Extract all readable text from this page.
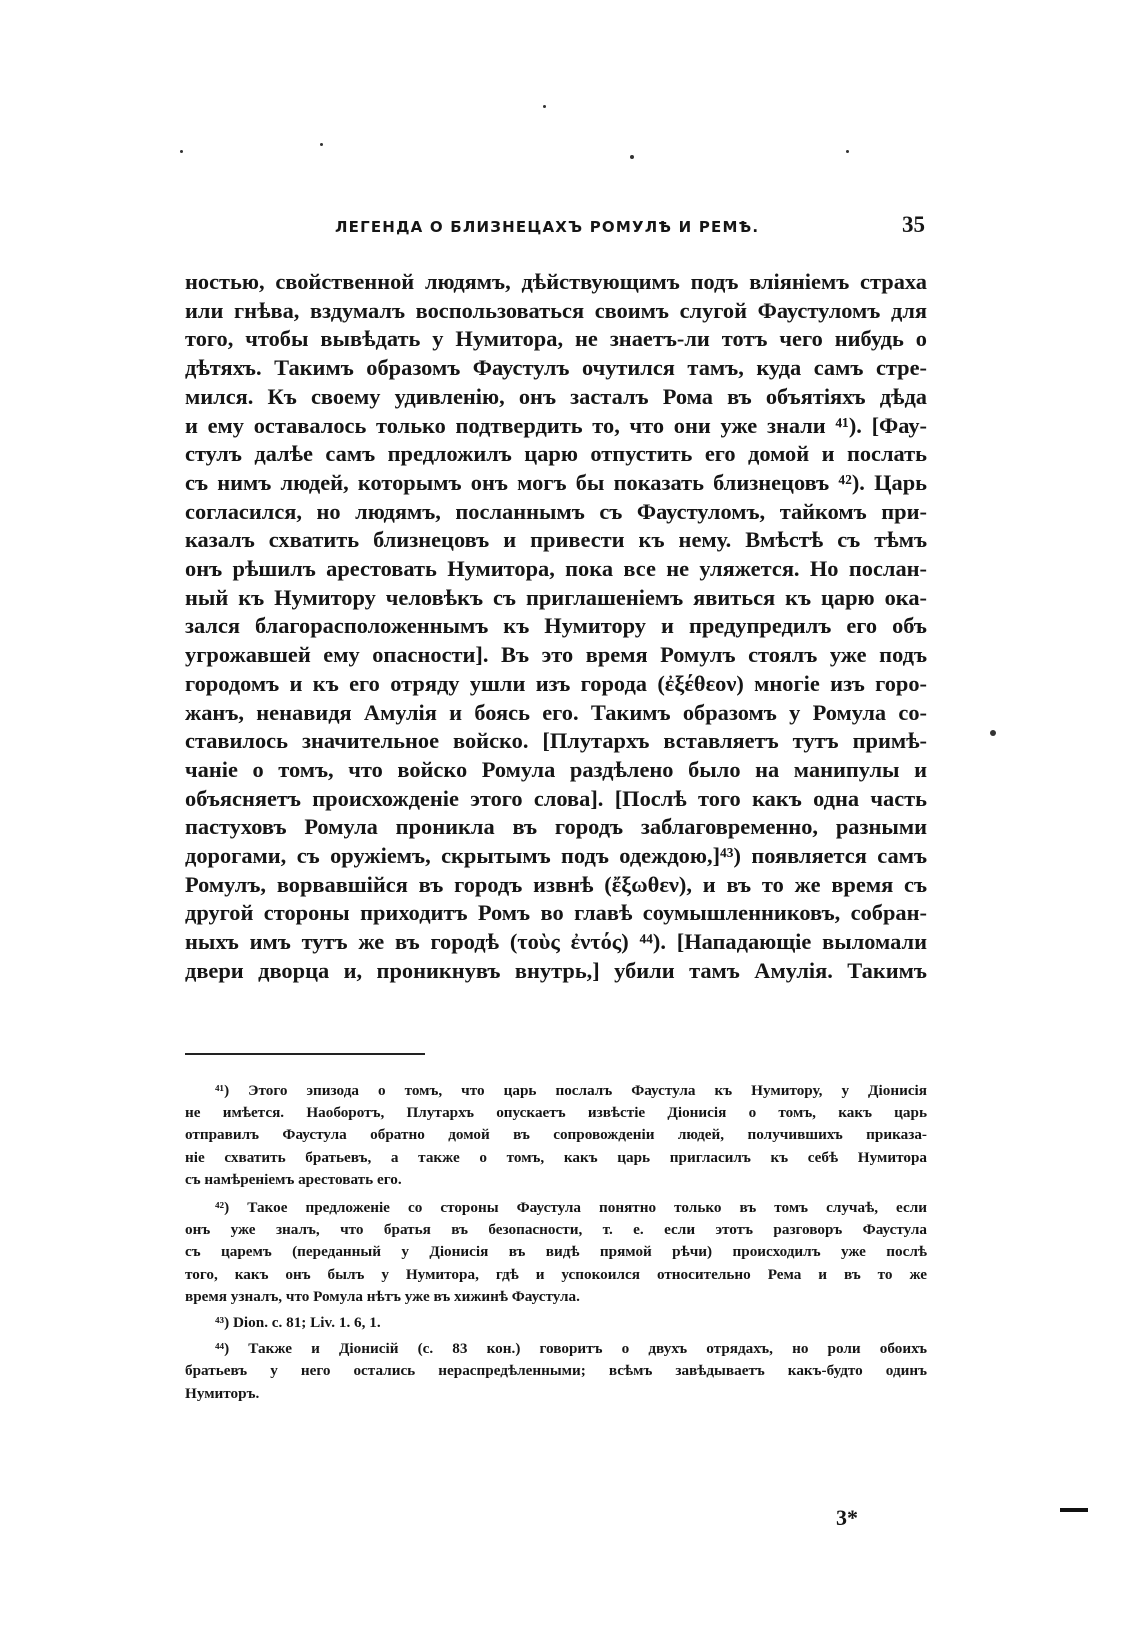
ЛЕГЕНДА О БЛИЗНЕЦАХЪ РОМУЛѢ И РЕМѢ.	35
ностью, свойственной людямъ, дѣйствующимъ подъ вліяніемъ страха
или гнѣва, вздумалъ воспользоваться своимъ слугой Фаустуломъ для
того, чтобы вывѣдать у Нумитора, не знаетъ-ли тотъ чего нибудь о
дѣтяхъ. Такимъ образомъ Фаустулъ очутился тамъ, куда самъ стре-
мился. Къ своему удивленію, онъ засталъ Рома въ объятіяхъ дѣда
и ему оставалось только подтвердить то, что они уже знали ⁴¹). [Фау-
стулъ далѣе самъ предложилъ царю отпустить его домой и послать
съ нимъ людей, которымъ онъ могъ бы показать близнецовъ ⁴²). Царь
согласился, но людямъ, посланнымъ съ Фаустуломъ, тайкомъ при-
казалъ схватить близнецовъ и привести къ нему. Вмѣстѣ съ тѣмъ
онъ рѣшилъ арестовать Нумитора, пока все не уляжется. Но послан-
ный къ Нумитору человѣкъ съ приглашеніемъ явиться къ царю ока-
зался благорасположеннымъ къ Нумитору и предупредилъ его объ
угрожавшей ему опасности]. Въ это время Ромулъ стоялъ уже подъ
городомъ и къ его отряду ушли изъ города (ἐξέθεον) многіе изъ горо-
жанъ, ненавидя Амулія и боясь его. Такимъ образомъ у Ромула со-
ставилось значительное войско. [Плутархъ вставляетъ тутъ примѣ-
чаніе о томъ, что войско Ромула раздѣлено было на манипулы и
объясняетъ происхожденіе этого слова]. [Послѣ того какъ одна часть
пастуховъ Ромула проникла въ городъ заблаговременно, разными
дорогами, съ оружіемъ, скрытымъ подъ одеждою,]⁴³) появляется самъ
Ромулъ, ворвавшійся въ городъ извнѣ (ἔξωθεν), и въ то же время съ
другой стороны приходитъ Ромъ во главѣ соумышленниковъ, собран-
ныхъ имъ тутъ же въ городѣ (τοὺς ἐντός) ⁴⁴). [Нападающіе выломали
двери дворца и, проникнувъ внутрь,] убили тамъ Амулія. Такимъ
⁴¹) Этого эпизода о томъ, что царь послалъ Фаустула къ Нумитору, у Діонисія
не имѣется. Наоборотъ, Плутархъ опускаетъ извѣстіе Діонисія о томъ, какъ царь
отправилъ Фаустула обратно домой въ сопровожденіи людей, получившихъ приказа-
ніе схватить братьевъ, а также о томъ, какъ царь пригласилъ къ себѣ Нумитора
съ намѣреніемъ арестовать его.
⁴²) Такое предложеніе со стороны Фаустула понятно только въ томъ случаѣ, если
онъ уже зналъ, что братья въ безопасности, т. е. если этотъ разговоръ Фаустула
съ царемъ (переданный у Діонисія въ видѣ прямой рѣчи) происходилъ уже послѣ
того, какъ онъ былъ у Нумитора, гдѣ и успокоился относительно Рема и въ то же
время узналъ, что Ромула нѣтъ уже въ хижинѣ Фаустула.
⁴³) Dion. c. 81; Liv. 1. 6, 1.
⁴⁴) Также и Діонисій (c. 83 кон.) говоритъ о двухъ отрядахъ, но роли обоихъ
братьевъ у него остались нераспредѣленными; всѣмъ завѣдываетъ какъ-будто одинъ
Нумиторъ.
3*
